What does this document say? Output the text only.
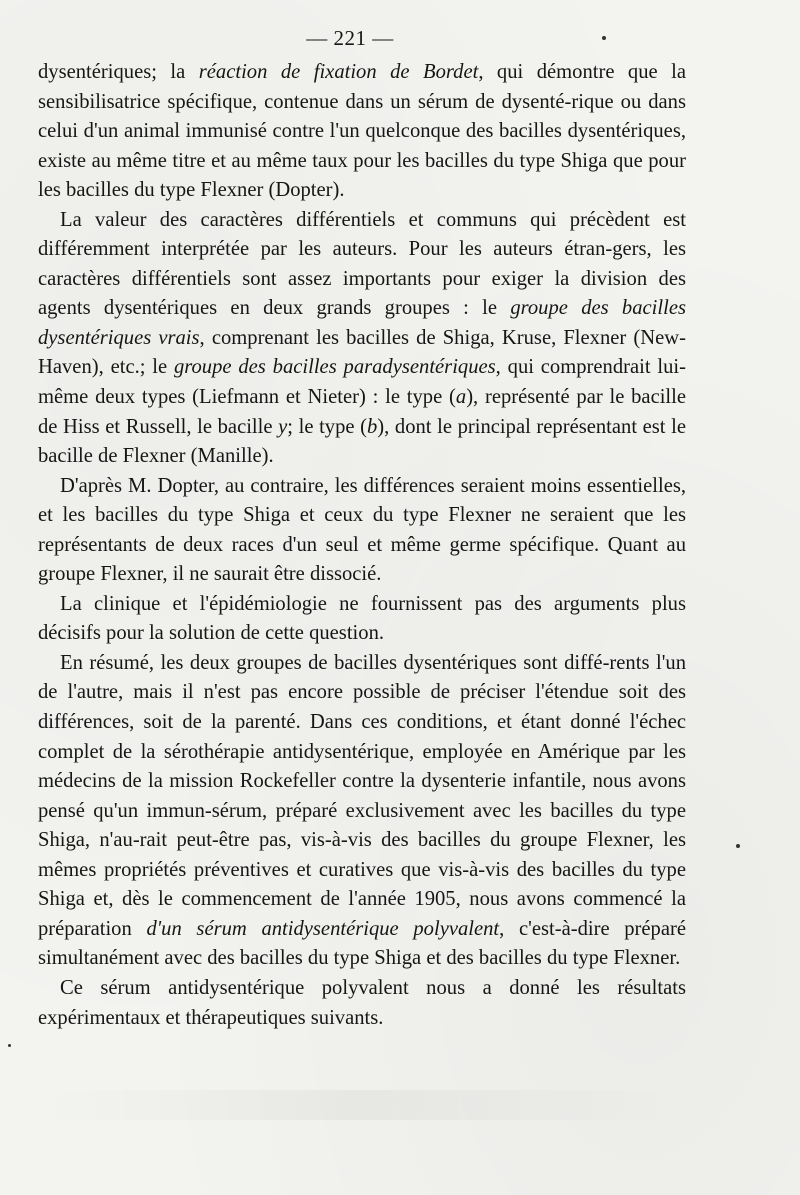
— 221 —

dysentériques; la réaction de fixation de Bordet, qui démontre que la sensibilisatrice spécifique, contenue dans un sérum de dysenté-rique ou dans celui d'un animal immunisé contre l'un quelconque des bacilles dysentériques, existe au même titre et au même taux pour les bacilles du type Shiga que pour les bacilles du type Flexner (Dopter).

La valeur des caractères différentiels et communs qui précèdent est différemment interprétée par les auteurs. Pour les auteurs étran-gers, les caractères différentiels sont assez importants pour exiger la division des agents dysentériques en deux grands groupes : le groupe des bacilles dysentériques vrais, comprenant les bacilles de Shiga, Kruse, Flexner (New-Haven), etc.; le groupe des bacilles paradysentériques, qui comprendrait lui-même deux types (Liefmann et Nieter) : le type (a), représenté par le bacille de Hiss et Russell, le bacille y; le type (b), dont le principal représentant est le bacille de Flexner (Manille).

D'après M. Dopter, au contraire, les différences seraient moins essentielles, et les bacilles du type Shiga et ceux du type Flexner ne seraient que les représentants de deux races d'un seul et même germe spécifique. Quant au groupe Flexner, il ne saurait être dissocié.

La clinique et l'épidémiologie ne fournissent pas des arguments plus décisifs pour la solution de cette question.

En résumé, les deux groupes de bacilles dysentériques sont diffé-rents l'un de l'autre, mais il n'est pas encore possible de préciser l'étendue soit des différences, soit de la parenté. Dans ces conditions, et étant donné l'échec complet de la sérothérapie antidysentérique, employée en Amérique par les médecins de la mission Rockefeller contre la dysenterie infantile, nous avons pensé qu'un immun-sérum, préparé exclusivement avec les bacilles du type Shiga, n'au-rait peut-être pas, vis-à-vis des bacilles du groupe Flexner, les mêmes propriétés préventives et curatives que vis-à-vis des bacilles du type Shiga et, dès le commencement de l'année 1905, nous avons commencé la préparation d'un sérum antidysentérique polyvalent, c'est-à-dire préparé simultanément avec des bacilles du type Shiga et des bacilles du type Flexner.

Ce sérum antidysentérique polyvalent nous a donné les résultats expérimentaux et thérapeutiques suivants.
